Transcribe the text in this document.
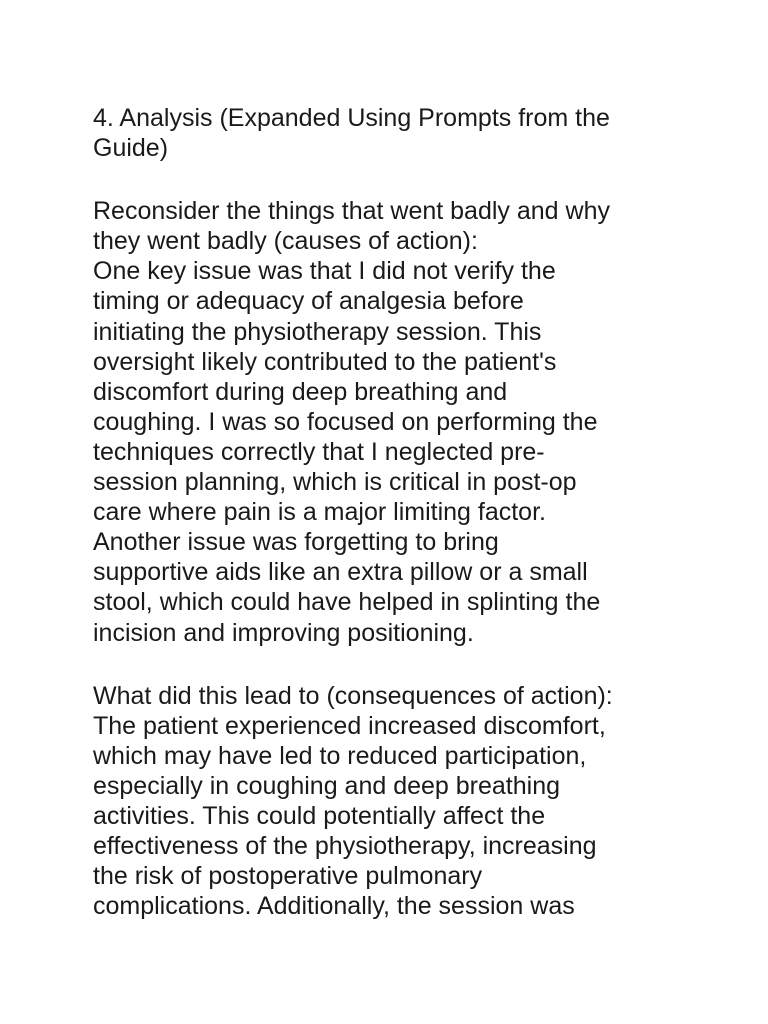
4. Analysis (Expanded Using Prompts from the
Guide)

Reconsider the things that went badly and why
they went badly (causes of action):

One key issue was that I did not verify the
timing or adequacy of analgesia before
initiating the physiotherapy session. This
oversight likely contributed to the patient's
discomfort during deep breathing and
coughing. I was so focused on performing the
techniques correctly that I neglected pre-
session planning, which is critical in post-op
care where pain is a major limiting factor.
Another issue was forgetting to bring
supportive aids like an extra pillow or a small
stool, which could have helped in splinting the
incision and improving positioning.

What did this lead to (consequences of action):

The patient experienced increased discomfort,
which may have led to reduced participation,
especially in coughing and deep breathing
activities. This could potentially affect the
effectiveness of the physiotherapy, increasing
the risk of postoperative pulmonary
complications. Additionally, the session was
